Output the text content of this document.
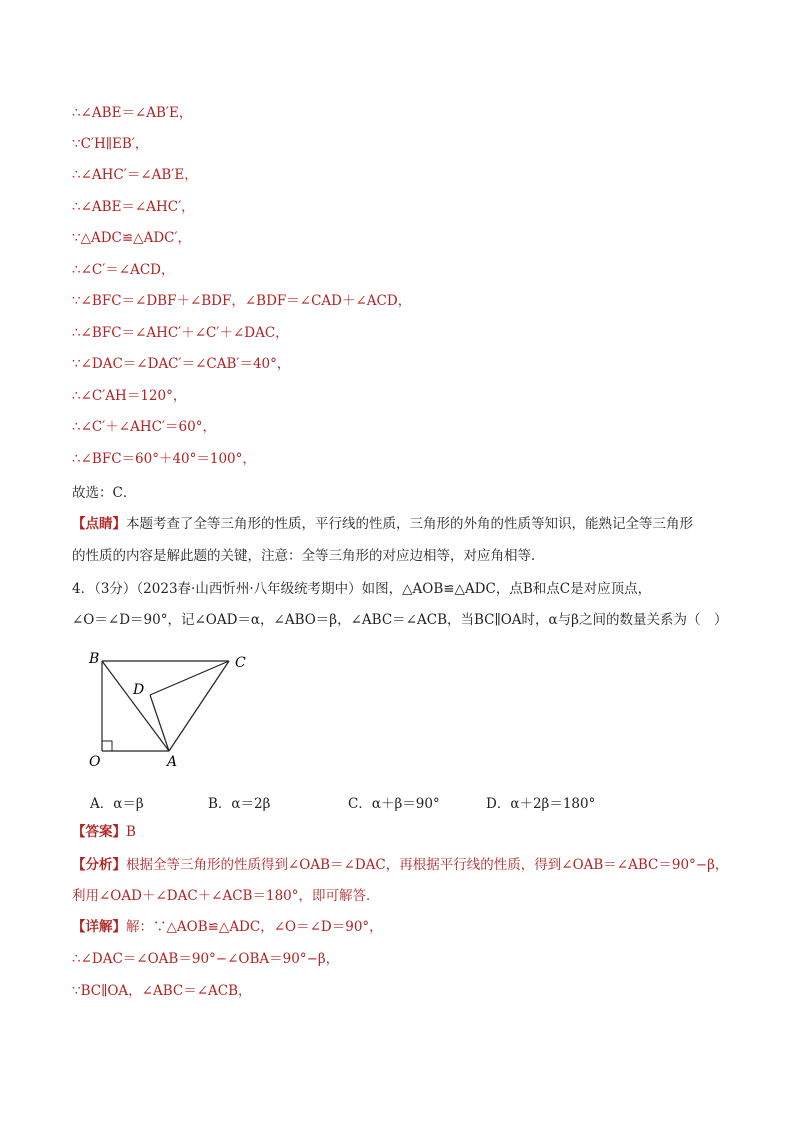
∴∠ABE＝∠AB′E，
∵C′H∥EB′，
∴∠AHC′＝∠AB′E，
∴∠ABE＝∠AHC′，
∵△ADC≌△ADC′，
∴∠C′＝∠ACD，
∵∠BFC＝∠DBF＋∠BDF，∠BDF＝∠CAD＋∠ACD，
∴∠BFC＝∠AHC′＋∠C′＋∠DAC，
∵∠DAC＝∠DAC′＝∠CAB′＝40°，
∴∠C′AH＝120°，
∴∠C′＋∠AHC′＝60°，
∴∠BFC＝60°＋40°＝100°，
故选：C．
【点睛】本题考查了全等三角形的性质，平行线的性质，三角形的外角的性质等知识，能熟记全等三角形
的性质的内容是解此题的关键，注意：全等三角形的对应边相等，对应角相等．
4．（3分）（2023春·山西忻州·八年级统考期中）如图，△AOB≌△ADC，点B和点C是对应顶点，
∠O＝∠D＝90°，记∠OAD＝α，∠ABO＝β，∠ABC＝∠ACB，当BC∥OA时，α与β之间的数量关系为（　）
B	C
D
O	A
A．α＝β	B．α＝2β	C．α＋β＝90°	D．α＋2β＝180°
【答案】B
【分析】根据全等三角形的性质得到∠OAB＝∠DAC，再根据平行线的性质，得到∠OAB＝∠ABC＝90°−β，
利用∠OAD＋∠DAC＋∠ACB＝180°，即可解答．
【详解】解：∵△AOB≌△ADC，∠O＝∠D＝90°，
∴∠DAC＝∠OAB＝90°−∠OBA＝90°−β，
∵BC∥OA，∠ABC＝∠ACB，
